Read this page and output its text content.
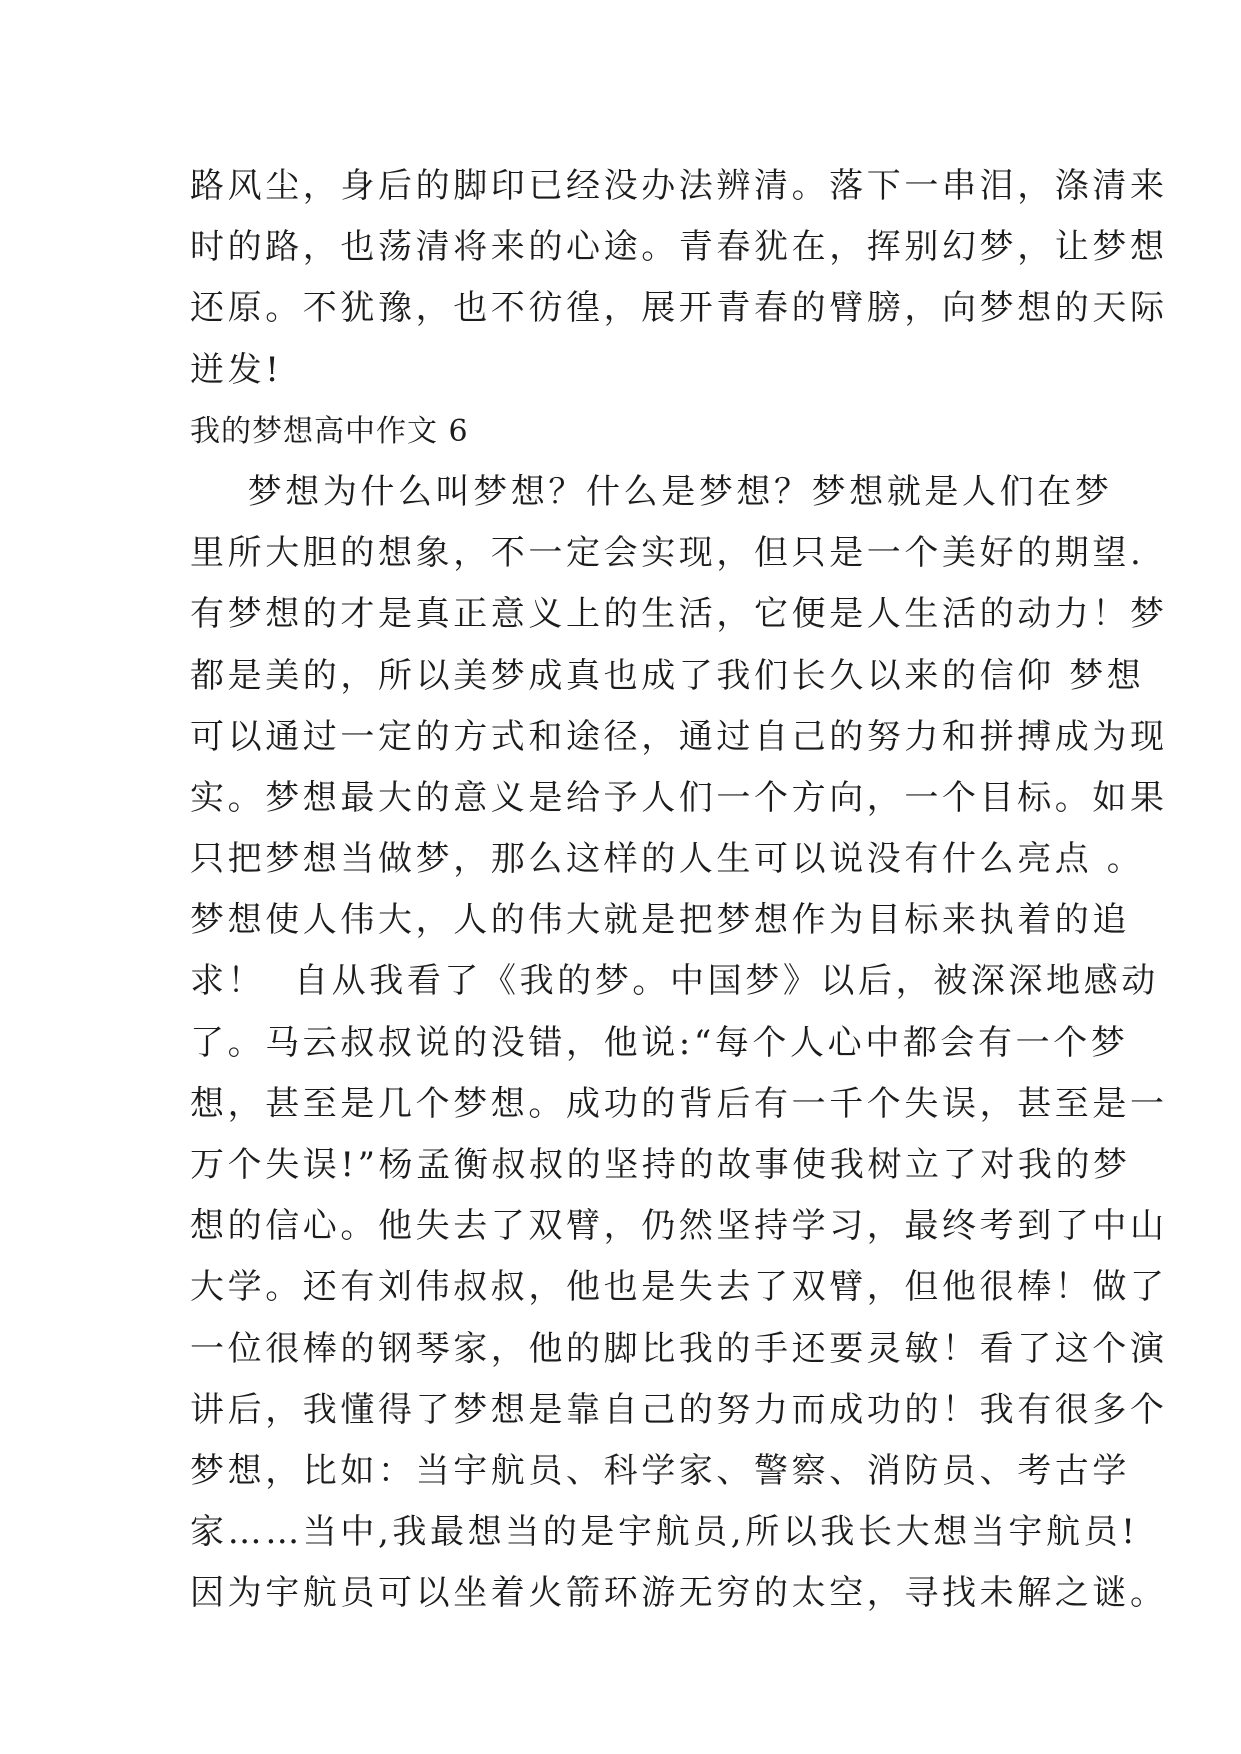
路风尘，身后的脚印已经没办法辨清。落下一串泪，涤清来
时的路，也荡清将来的心途。青春犹在，挥别幻梦，让梦想
还原。不犹豫，也不彷徨，展开青春的臂膀，向梦想的天际
迸发!
我的梦想高中作文 6
梦想为什么叫梦想？什么是梦想？梦想就是人们在梦
里所大胆的想象，不一定会实现，但只是一个美好的期望.
有梦想的才是真正意义上的生活，它便是人生活的动力！梦
都是美的，所以美梦成真也成了我们长久以来的信仰 梦想
可以通过一定的方式和途径，通过自己的努力和拼搏成为现
实。梦想最大的意义是给予人们一个方向，一个目标。如果
只把梦想当做梦，那么这样的人生可以说没有什么亮点 。
梦想使人伟大，人的伟大就是把梦想作为目标来执着的追
求！  自从我看了《我的梦。中国梦》以后，被深深地感动
了。马云叔叔说的没错，他说:“每个人心中都会有一个梦
想，甚至是几个梦想。成功的背后有一千个失误，甚至是一
万个失误!”杨孟衡叔叔的坚持的故事使我树立了对我的梦
想的信心。他失去了双臂，仍然坚持学习，最终考到了中山
大学。还有刘伟叔叔，他也是失去了双臂，但他很棒！做了
一位很棒的钢琴家，他的脚比我的手还要灵敏！看了这个演
讲后，我懂得了梦想是靠自己的努力而成功的！我有很多个
梦想，比如：当宇航员、科学家、警察、消防员、考古学
家……当中,我最想当的是宇航员,所以我长大想当宇航员!
因为宇航员可以坐着火箭环游无穷的太空，寻找未解之谜。
